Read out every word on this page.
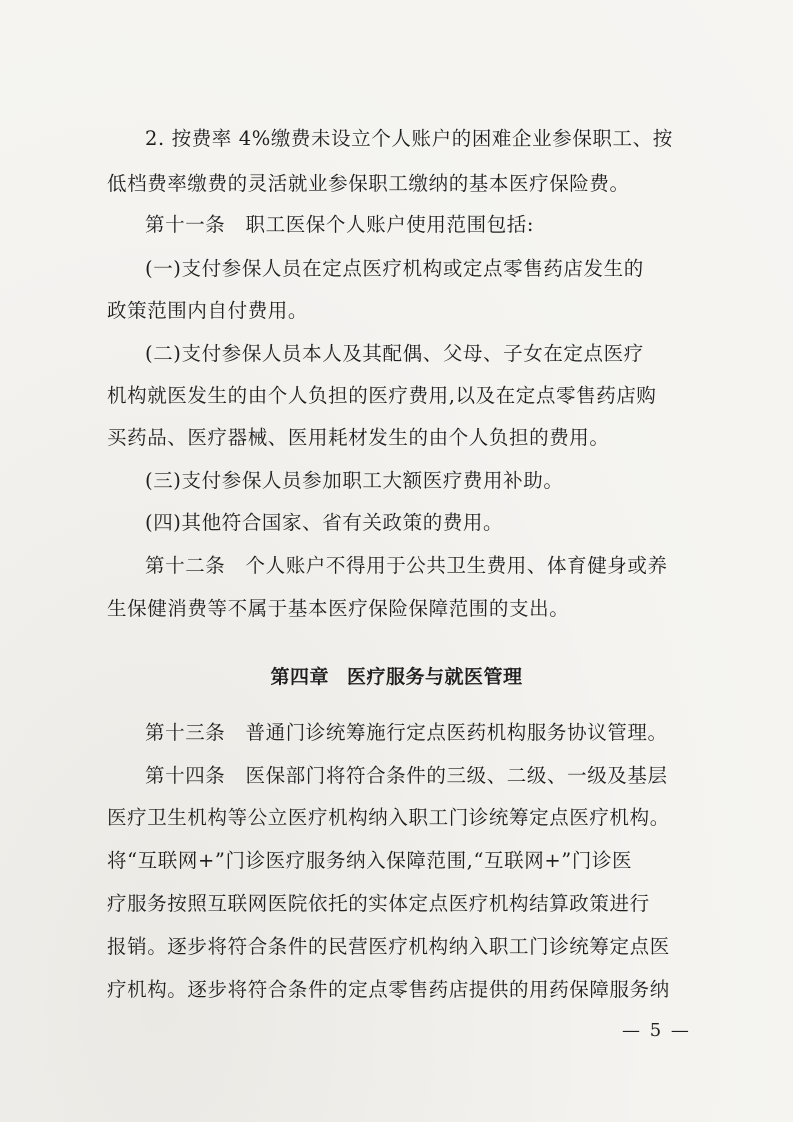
2. 按费率 4%缴费未设立个人账户的困难企业参保职工、按
低档费率缴费的灵活就业参保职工缴纳的基本医疗保险费。
第十一条　职工医保个人账户使用范围包括:
(一)支付参保人员在定点医疗机构或定点零售药店发生的
政策范围内自付费用。
(二)支付参保人员本人及其配偶、父母、子女在定点医疗
机构就医发生的由个人负担的医疗费用,以及在定点零售药店购
买药品、医疗器械、医用耗材发生的由个人负担的费用。
(三)支付参保人员参加职工大额医疗费用补助。
(四)其他符合国家、省有关政策的费用。
第十二条　个人账户不得用于公共卫生费用、体育健身或养
生保健消费等不属于基本医疗保险保障范围的支出。
第四章 医疗服务与就医管理
第十三条　普通门诊统筹施行定点医药机构服务协议管理。
第十四条　医保部门将符合条件的三级、二级、一级及基层
医疗卫生机构等公立医疗机构纳入职工门诊统筹定点医疗机构。
将“互联网+”门诊医疗服务纳入保障范围,“互联网+”门诊医
疗服务按照互联网医院依托的实体定点医疗机构结算政策进行
报销。逐步将符合条件的民营医疗机构纳入职工门诊统筹定点医
疗机构。逐步将符合条件的定点零售药店提供的用药保障服务纳
— 5 —
